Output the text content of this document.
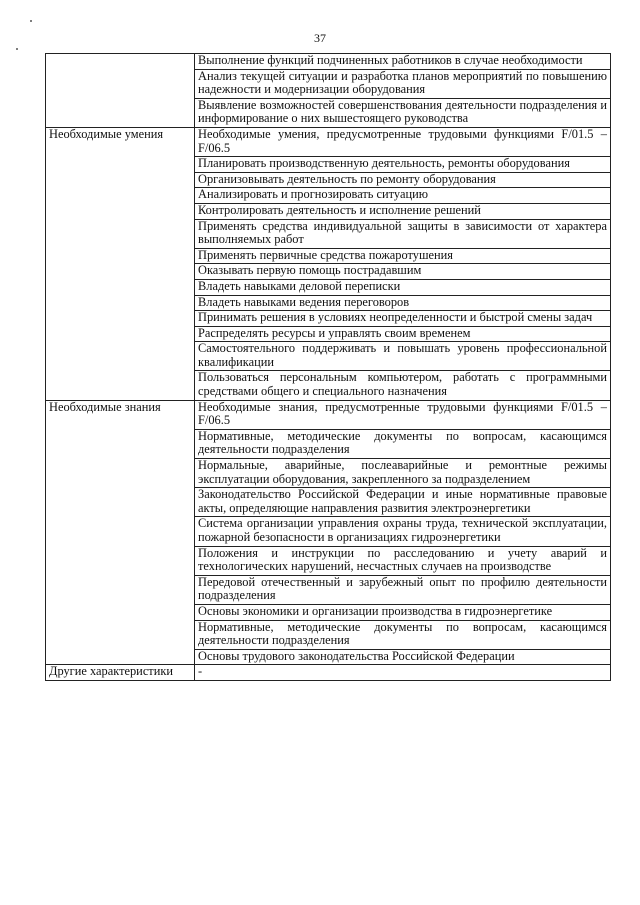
37
	Выполнение функций подчиненных работников в случае необходимости
	Анализ текущей ситуации и разработка планов мероприятий по повышению надежности и модернизации оборудования
	Выявление возможностей совершенствования деятельности подразделения и информирование о них вышестоящего руководства
Необходимые умения	Необходимые умения, предусмотренные трудовыми функциями F/01.5 – F/06.5
	Планировать производственную деятельность, ремонты оборудования
	Организовывать деятельность по ремонту оборудования
	Анализировать и прогнозировать ситуацию
	Контролировать деятельность и исполнение решений
	Применять средства индивидуальной защиты в зависимости от характера выполняемых работ
	Применять первичные средства пожаротушения
	Оказывать первую помощь пострадавшим
	Владеть навыками деловой переписки
	Владеть навыками ведения переговоров
	Принимать решения в условиях неопределенности и быстрой смены задач
	Распределять ресурсы и управлять своим временем
	Самостоятельного поддерживать и повышать уровень профессиональной квалификации
	Пользоваться персональным компьютером, работать с программными средствами общего и специального назначения
Необходимые знания	Необходимые знания, предусмотренные трудовыми функциями F/01.5 – F/06.5
	Нормативные, методические документы по вопросам, касающимся деятельности подразделения
	Нормальные, аварийные, послеаварийные и ремонтные режимы эксплуатации оборудования, закрепленного за подразделением
	Законодательство Российской Федерации и иные нормативные правовые акты, определяющие направления развития электроэнергетики
	Система организации управления охраны труда, технической эксплуатации, пожарной безопасности в организациях гидроэнергетики
	Положения и инструкции по расследованию и учету аварий и технологических нарушений, несчастных случаев на производстве
	Передовой отечественный и зарубежный опыт по профилю деятельности подразделения
	Основы экономики и организации производства в гидроэнергетике
	Нормативные, методические документы по вопросам, касающимся деятельности подразделения
	Основы трудового законодательства Российской Федерации
Другие характеристики	-
